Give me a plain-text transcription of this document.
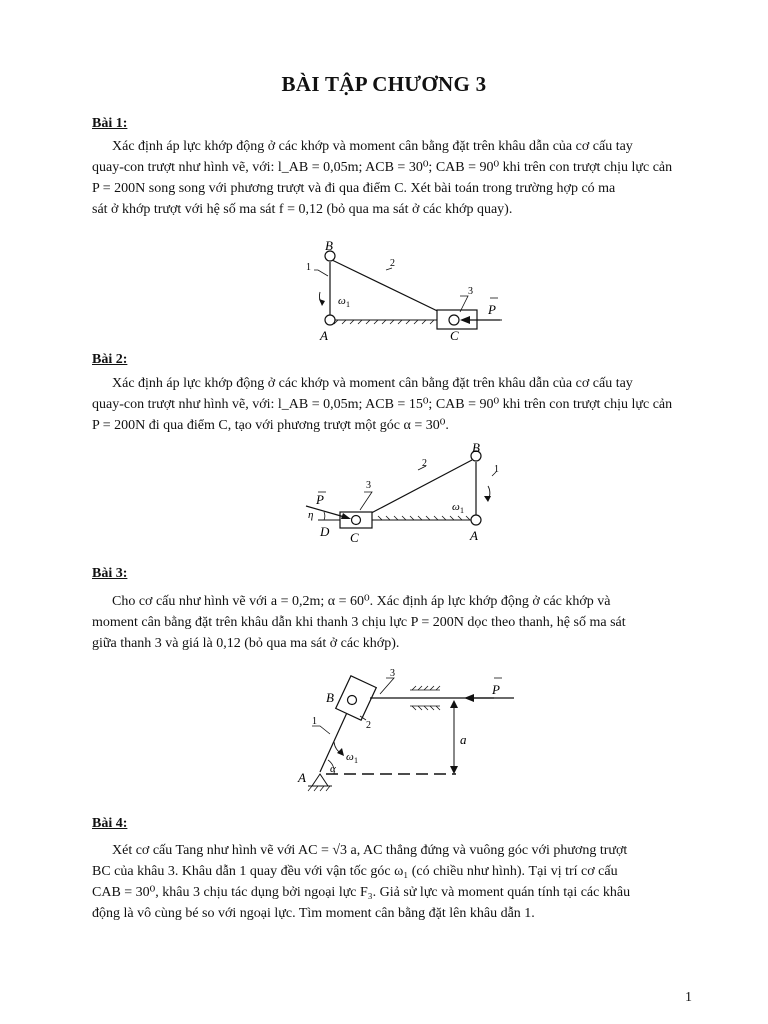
BÀI TẬP CHƯƠNG 3
Bài 1:

Xác định áp lực khớp động ở các khớp và moment cân bằng đặt trên khâu dẫn của cơ cấu tay

quay-con trượt như hình vẽ, với: l_AB = 0,05m; ACB = 30⁰; CAB = 90⁰ khi trên con trượt chịu lực cản

P = 200N song song với phương trượt và đi qua điểm C. Xét bài toán trong trường hợp có ma

sát ở khớp trượt với hệ số ma sát f = 0,12 (bỏ qua ma sát ở các khớp quay).

B
A	C
1	2
3
ω 1	P
Bài 2:

Xác định áp lực khớp động ở các khớp và moment cân bằng đặt trên khâu dẫn của cơ cấu tay

quay-con trượt như hình vẽ, với: l_AB = 0,05m; ACB = 15⁰; CAB = 90⁰ khi trên con trượt chịu lực cản

P = 200N đi qua điểm C, tạo với phương trượt một góc α = 30⁰.

B
A
C
D
1
2
3
ω 1
P
η
Bài 3:

Cho cơ cấu như hình vẽ với a = 0,2m; α = 60⁰. Xác định áp lực khớp động ở các khớp và

moment cân bằng đặt trên khâu dẫn khi thanh 3 chịu lực P = 200N dọc theo thanh, hệ số ma sát

giữa thanh 3 và giá là 0,12 (bỏ qua ma sát ở các khớp).

B
A
1	2
3
ω 1
P
α
a
Bài 4:

Xét cơ cấu Tang như hình vẽ với AC = √3 a, AC thẳng đứng và vuông góc với phương trượt

BC của khâu 3. Khâu dẫn 1 quay đều với vận tốc góc ω₁ (có chiều như hình). Tại vị trí cơ cấu

CAB = 30⁰, khâu 3 chịu tác dụng bởi ngoại lực F₃. Giả sử lực và moment quán tính tại các khâu

động là vô cùng bé so với ngoại lực. Tìm moment cân bằng đặt lên khâu dẫn 1.

1
